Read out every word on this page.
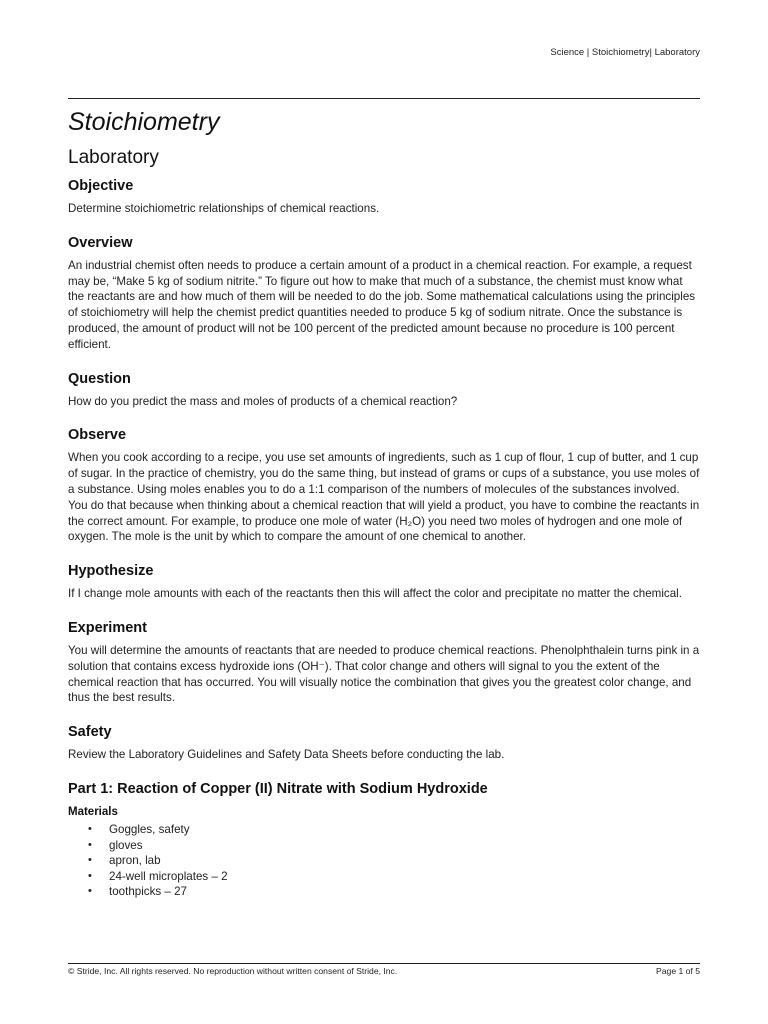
Science | Stoichiometry| Laboratory
Stoichiometry
Laboratory
Objective

Determine stoichiometric relationships of chemical reactions.

Overview

An industrial chemist often needs to produce a certain amount of a product in a chemical reaction. For example, a request may be, “Make 5 kg of sodium nitrite.” To figure out how to make that much of a substance, the chemist must know what the reactants are and how much of them will be needed to do the job. Some mathematical calculations using the principles of stoichiometry will help the chemist predict quantities needed to produce 5 kg of sodium nitrate. Once the substance is produced, the amount of product will not be 100 percent of the predicted amount because no procedure is 100 percent efficient.

Question

How do you predict the mass and moles of products of a chemical reaction?

Observe

When you cook according to a recipe, you use set amounts of ingredients, such as 1 cup of flour, 1 cup of butter, and 1 cup of sugar. In the practice of chemistry, you do the same thing, but instead of grams or cups of a substance, you use moles of a substance. Using moles enables you to do a 1:1 comparison of the numbers of molecules of the substances involved. You do that because when thinking about a chemical reaction that will yield a product, you have to combine the reactants in the correct amount. For example, to produce one mole of water (H₂O) you need two moles of hydrogen and one mole of oxygen. The mole is the unit by which to compare the amount of one chemical to another.

Hypothesize

If I change mole amounts with each of the reactants then this will affect the color and precipitate no matter the chemical.

Experiment

You will determine the amounts of reactants that are needed to produce chemical reactions. Phenolphthalein turns pink in a solution that contains excess hydroxide ions (OH⁻). That color change and others will signal to you the extent of the chemical reaction that has occurred. You will visually notice the combination that gives you the greatest color change, and thus the best results.

Safety

Review the Laboratory Guidelines and Safety Data Sheets before conducting the lab.

Part 1: Reaction of Copper (II) Nitrate with Sodium Hydroxide
Materials
• Goggles, safety
• gloves
• apron, lab
• 24-well microplates – 2
• toothpicks – 27
© Stride, Inc. All rights reserved. No reproduction without written consent of Stride, Inc.	Page 1 of 5
